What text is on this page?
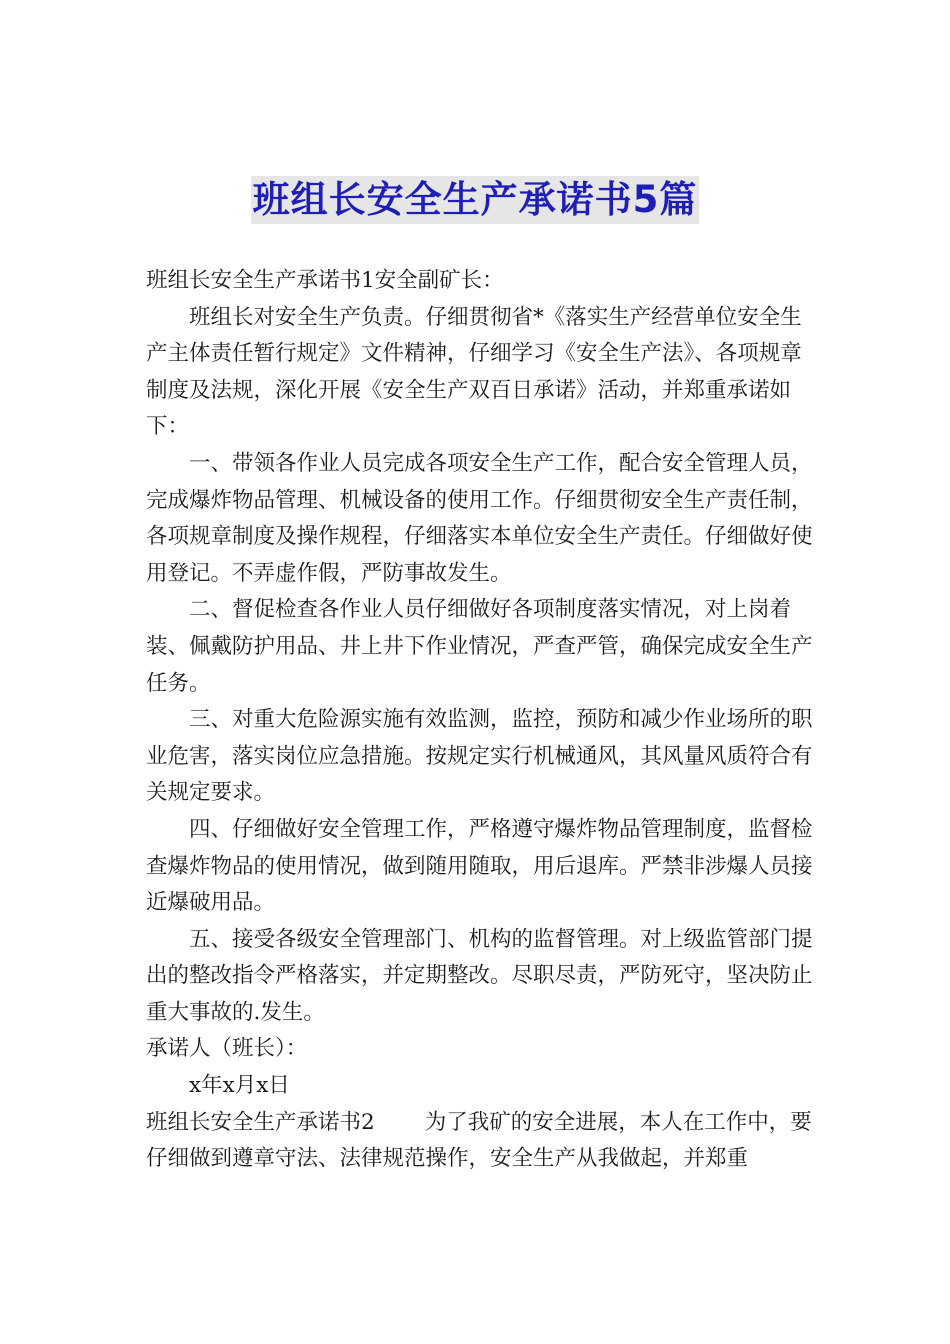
班组长安全生产承诺书5篇

班组长安全生产承诺书1安全副矿长：

班组长对安全生产负责。仔细贯彻省*《落实生产经营单位安全生产主体责任暂行规定》文件精神，仔细学习《安全生产法》、各项规章制度及法规，深化开展《安全生产双百日承诺》活动，并郑重承诺如下：

一、带领各作业人员完成各项安全生产工作，配合安全管理人员，完成爆炸物品管理、机械设备的使用工作。仔细贯彻安全生产责任制，各项规章制度及操作规程，仔细落实本单位安全生产责任。仔细做好使用登记。不弄虚作假，严防事故发生。

二、督促检查各作业人员仔细做好各项制度落实情况，对上岗着装、佩戴防护用品、井上井下作业情况，严查严管，确保完成安全生产任务。

三、对重大危险源实施有效监测，监控，预防和减少作业场所的职业危害，落实岗位应急措施。按规定实行机械通风，其风量风质符合有关规定要求。

四、仔细做好安全管理工作，严格遵守爆炸物品管理制度，监督检查爆炸物品的使用情况，做到随用随取，用后退库。严禁非涉爆人员接近爆破用品。

五、接受各级安全管理部门、机构的监督管理。对上级监管部门提出的整改指令严格落实，并定期整改。尽职尽责，严防死守，坚决防止重大事故的.发生。

承诺人（班长）：

x年x月x日

班组长安全生产承诺书2 为了我矿的安全进展，本人在工作中，要仔细做到遵章守法、法律规范操作，安全生产从我做起，并郑重
